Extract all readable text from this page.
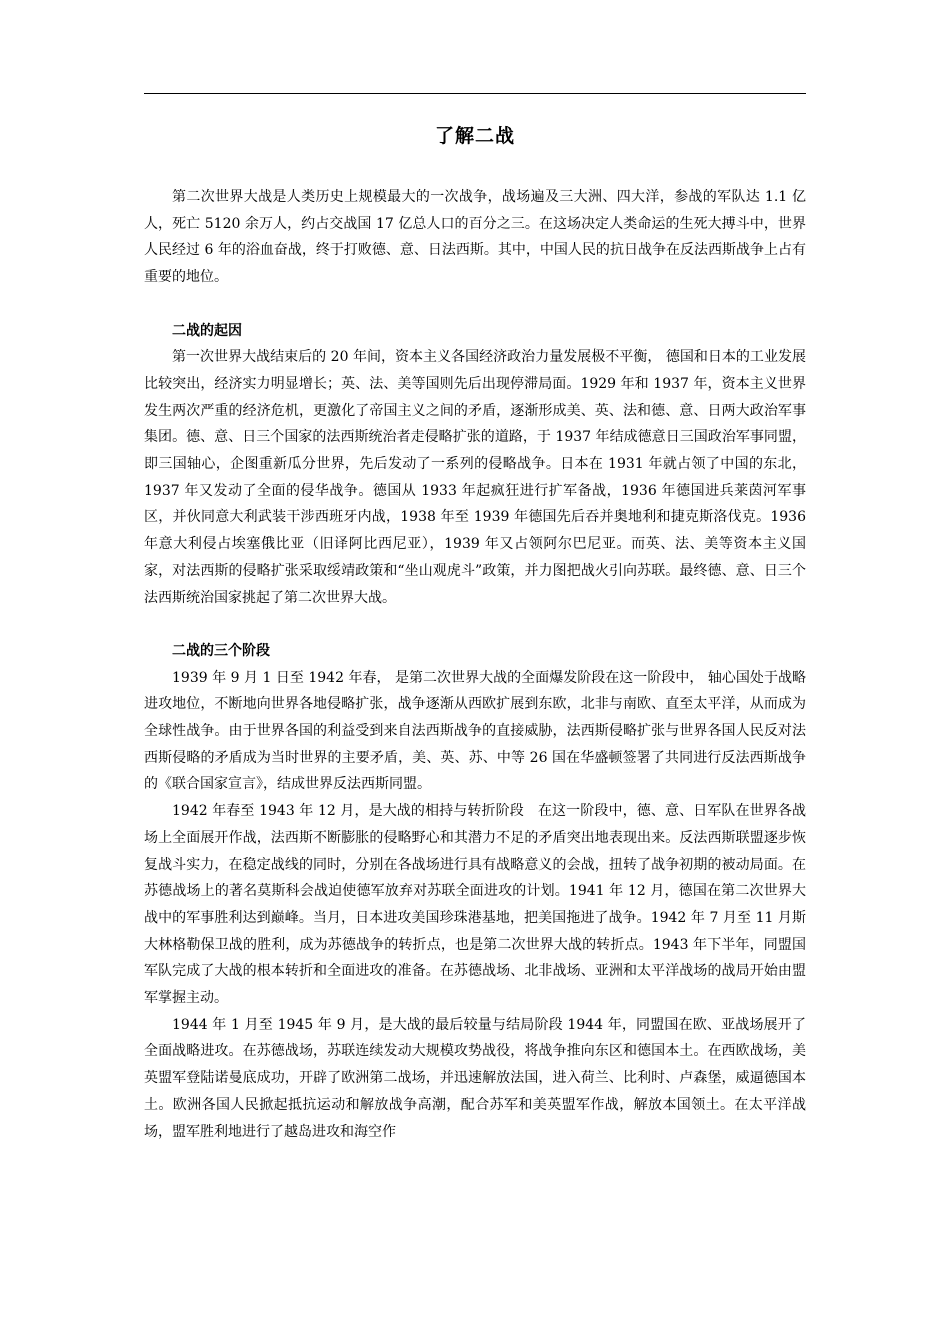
了解二战

第二次世界大战是人类历史上规模最大的一次战争，战场遍及三大洲、四大洋，参战的军队达 1.1 亿人，死亡 5120 余万人，约占交战国 17 亿总人口的百分之三。在这场决定人类命运的生死大搏斗中，世界人民经过 6 年的浴血奋战，终于打败德、意、日法西斯。其中，中国人民的抗日战争在反法西斯战争上占有重要的地位。

二战的起因

第一次世界大战结束后的 20 年间，资本主义各国经济政治力量发展极不平衡， 德国和日本的工业发展比较突出，经济实力明显增长；英、法、美等国则先后出现停滞局面。1929 年和 1937 年，资本主义世界发生两次严重的经济危机，更激化了帝国主义之间的矛盾，逐渐形成美、英、法和德、意、日两大政治军事集团。德、意、日三个国家的法西斯统治者走侵略扩张的道路，于 1937 年结成德意日三国政治军事同盟，即三国轴心，企图重新瓜分世界，先后发动了一系列的侵略战争。日本在 1931 年就占领了中国的东北，1937 年又发动了全面的侵华战争。德国从 1933 年起疯狂进行扩军备战，1936 年德国进兵莱茵河军事区，并伙同意大利武装干涉西班牙内战，1938 年至 1939 年德国先后吞并奥地利和捷克斯洛伐克。1936 年意大利侵占埃塞俄比亚（旧译阿比西尼亚），1939 年又占领阿尔巴尼亚。而英、法、美等资本主义国家，对法西斯的侵略扩张采取绥靖政策和“坐山观虎斗”政策，并力图把战火引向苏联。最终德、意、日三个法西斯统治国家挑起了第二次世界大战。

二战的三个阶段

1939 年 9 月 1 日至 1942 年春， 是第二次世界大战的全面爆发阶段在这一阶段中， 轴心国处于战略进攻地位，不断地向世界各地侵略扩张，战争逐渐从西欧扩展到东欧，北非与南欧、直至太平洋，从而成为全球性战争。由于世界各国的利益受到来自法西斯战争的直接威胁，法西斯侵略扩张与世界各国人民反对法西斯侵略的矛盾成为当时世界的主要矛盾，美、英、苏、中等 26 国在华盛顿签署了共同进行反法西斯战争的《联合国家宣言》，结成世界反法西斯同盟。

1942 年春至 1943 年 12 月，是大战的相持与转折阶段　在这一阶段中，德、意、日军队在世界各战场上全面展开作战，法西斯不断膨胀的侵略野心和其潜力不足的矛盾突出地表现出来。反法西斯联盟逐步恢复战斗实力，在稳定战线的同时，分别在各战场进行具有战略意义的会战，扭转了战争初期的被动局面。在苏德战场上的著名莫斯科会战迫使德军放弃对苏联全面进攻的计划。1941 年 12 月，德国在第二次世界大战中的军事胜利达到巅峰。当月，日本进攻美国珍珠港基地，把美国拖进了战争。1942 年 7 月至 11 月斯大林格勒保卫战的胜利，成为苏德战争的转折点，也是第二次世界大战的转折点。1943 年下半年，同盟国军队完成了大战的根本转折和全面进攻的准备。在苏德战场、北非战场、亚洲和太平洋战场的战局开始由盟军掌握主动。

1944 年 1 月至 1945 年 9 月，是大战的最后较量与结局阶段 1944 年，同盟国在欧、亚战场展开了全面战略进攻。在苏德战场，苏联连续发动大规模攻势战役，将战争推向东区和德国本土。在西欧战场，美英盟军登陆诺曼底成功，开辟了欧洲第二战场，并迅速解放法国，进入荷兰、比利时、卢森堡，威逼德国本土。欧洲各国人民掀起抵抗运动和解放战争高潮，配合苏军和美英盟军作战，解放本国领土。在太平洋战场，盟军胜利地进行了越岛进攻和海空作
